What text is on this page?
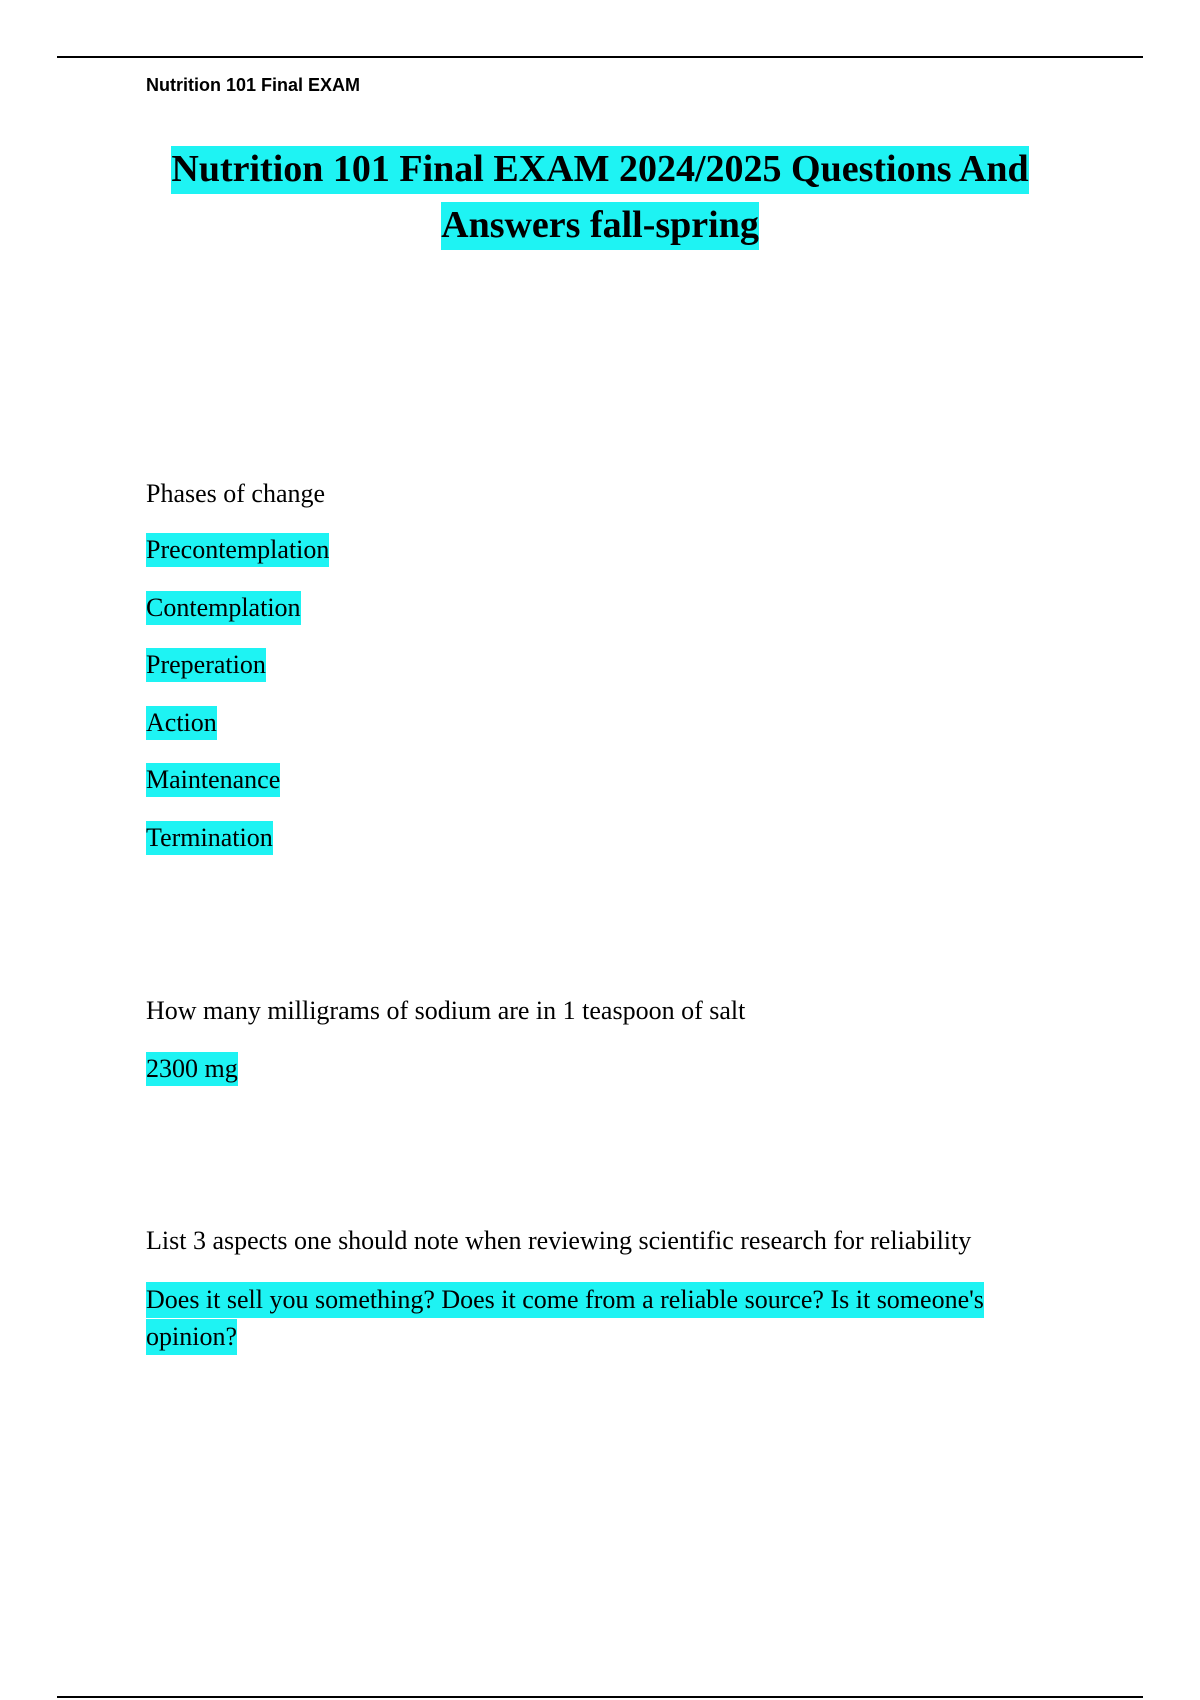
Nutrition 101 Final EXAM
Nutrition 101 Final EXAM 2024/2025 Questions And
Answers fall-spring

Phases of change

Precontemplation

Contemplation

Preperation

Action

Maintenance

Termination

How many milligrams of sodium are in 1 teaspoon of salt

2300 mg

List 3 aspects one should note when reviewing scientific research for reliability

Does it sell you something? Does it come from a reliable source? Is it someone's opinion?
